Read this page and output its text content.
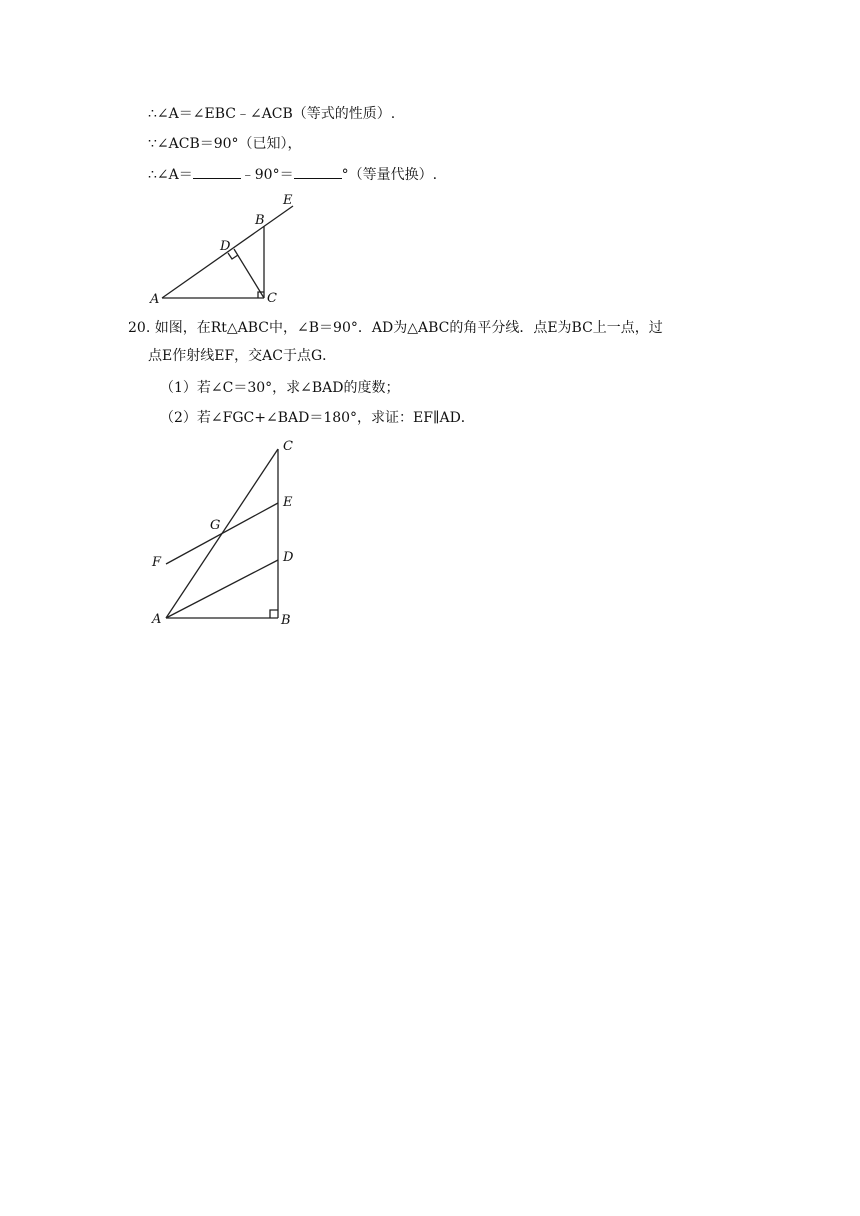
∴∠A＝∠EBC﹣∠ACB（等式的性质）.
∵∠ACB＝90°（已知），
∴∠A＝	﹣90°＝	°（等量代换）.
A
B
C
D
E
20. 如图，在Rt△ABC中，∠B＝90°．AD为△ABC的角平分线．点E为BC上一点，过
点E作射线EF，交AC于点G．
（1）若∠C＝30°，求∠BAD的度数；
（2）若∠FGC+∠BAD＝180°，求证：EF∥AD．
A	B
C
D
E
F
G
